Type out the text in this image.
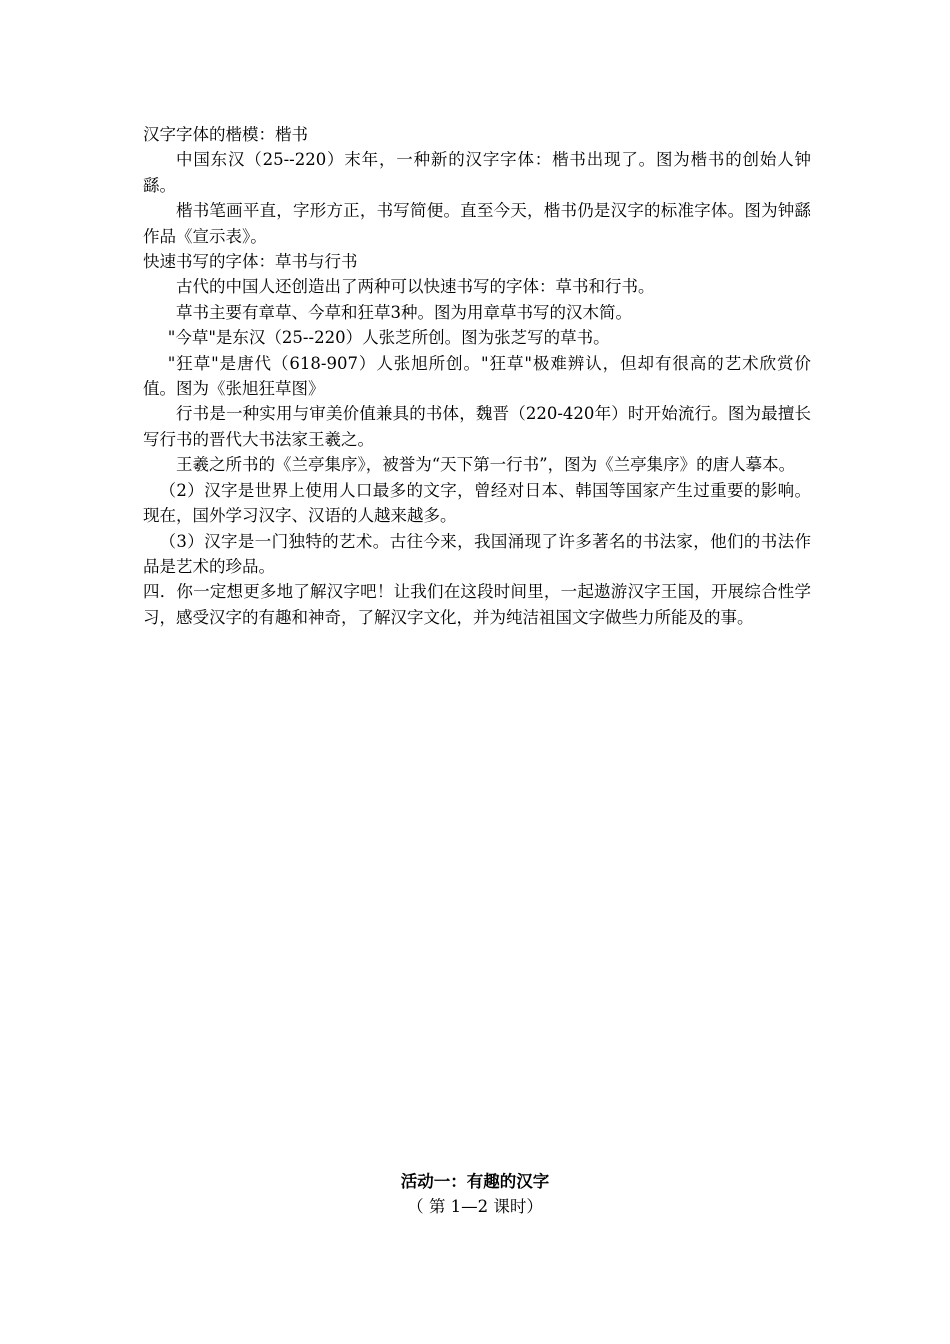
汉字字体的楷模：楷书

中国东汉（25--220）末年，一种新的汉字字体：楷书出现了。图为楷书的创始人钟繇。

楷书笔画平直，字形方正，书写简便。直至今天，楷书仍是汉字的标准字体。图为钟繇作品《宣示表》。

快速书写的字体：草书与行书

古代的中国人还创造出了两种可以快速书写的字体：草书和行书。

草书主要有章草、今草和狂草3种。图为用章草书写的汉木简。

"今草"是东汉（25--220）人张芝所创。图为张芝写的草书。

"狂草"是唐代（618-907）人张旭所创。"狂草"极难辨认，但却有很高的艺术欣赏价值。图为《张旭狂草图》

行书是一种实用与审美价值兼具的书体，魏晋（220-420年）时开始流行。图为最擅长写行书的晋代大书法家王羲之。

王羲之所书的《兰亭集序》，被誉为“天下第一行书”，图为《兰亭集序》的唐人摹本。

（2）汉字是世界上使用人口最多的文字，曾经对日本、韩国等国家产生过重要的影响。现在，国外学习汉字、汉语的人越来越多。

（3）汉字是一门独特的艺术。古往今来，我国涌现了许多著名的书法家，他们的书法作品是艺术的珍品。

四．你一定想更多地了解汉字吧！让我们在这段时间里，一起遨游汉字王国，开展综合性学习，感受汉字的有趣和神奇，了解汉字文化，并为纯洁祖国文字做些力所能及的事。

活动一：有趣的汉字
（ 第 1—2 课时）
